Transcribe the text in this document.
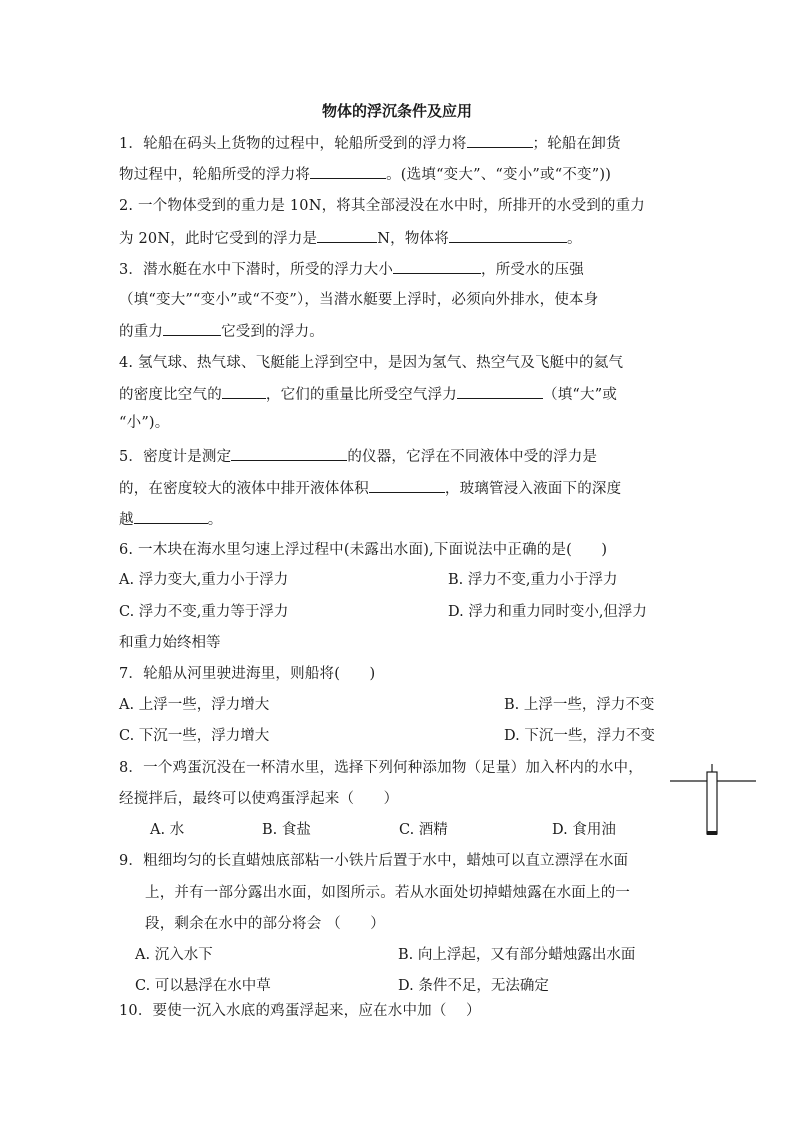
物体的浮沉条件及应用
1．轮船在码头上货物的过程中，轮船所受到的浮力将	；轮船在卸货
物过程中，轮船所受的浮力将	。(选填“变大”、“变小”或“不变”))
2. 一个物体受到的重力是 10N，将其全部浸没在水中时，所排开的水受到的重力
为 20N，此时它受到的浮力是	N，物体将	。
3．潜水艇在水中下潜时，所受的浮力大小	，所受水的压强
（填“变大”“变小”或“不变”），当潜水艇要上浮时，必须向外排水，使本身
的重力	它受到的浮力。
4. 氢气球、热气球、飞艇能上浮到空中，是因为氢气、热空气及飞艇中的氦气
的密度比空气的	，它们的重量比所受空气浮力	（填“大”或
“小”)。
5．密度计是测定	的仪器，它浮在不同液体中受的浮力是
的，在密度较大的液体中排开液体体积	，玻璃管浸入液面下的深度
越	。
6. 一木块在海水里匀速上浮过程中(未露出水面),下面说法中正确的是(　　)
A. 浮力变大,重力小于浮力	B. 浮力不变,重力小于浮力
C. 浮力不变,重力等于浮力	D. 浮力和重力同时变小,但浮力
和重力始终相等
7．轮船从河里驶进海里，则船将(　　)
A. 上浮一些，浮力增大	B. 上浮一些，浮力不变
C. 下沉一些，浮力增大	D. 下沉一些，浮力不变
8．一个鸡蛋沉没在一杯清水里，选择下列何种添加物（足量）加入杯内的水中，
经搅拌后，最终可以使鸡蛋浮起来（　　）
A. 水	B. 食盐	C. 酒精	D. 食用油
9．粗细均匀的长直蜡烛底部粘一小铁片后置于水中，蜡烛可以直立漂浮在水面
上，并有一部分露出水面，如图所示。若从水面处切掉蜡烛露在水面上的一
段，剩余在水中的部分将会 （　　）
A. 沉入水下	B. 向上浮起，又有部分蜡烛露出水面
C. 可以悬浮在水中草	D. 条件不足，无法确定
10．要使一沉入水底的鸡蛋浮起来，应在水中加（　 ）
